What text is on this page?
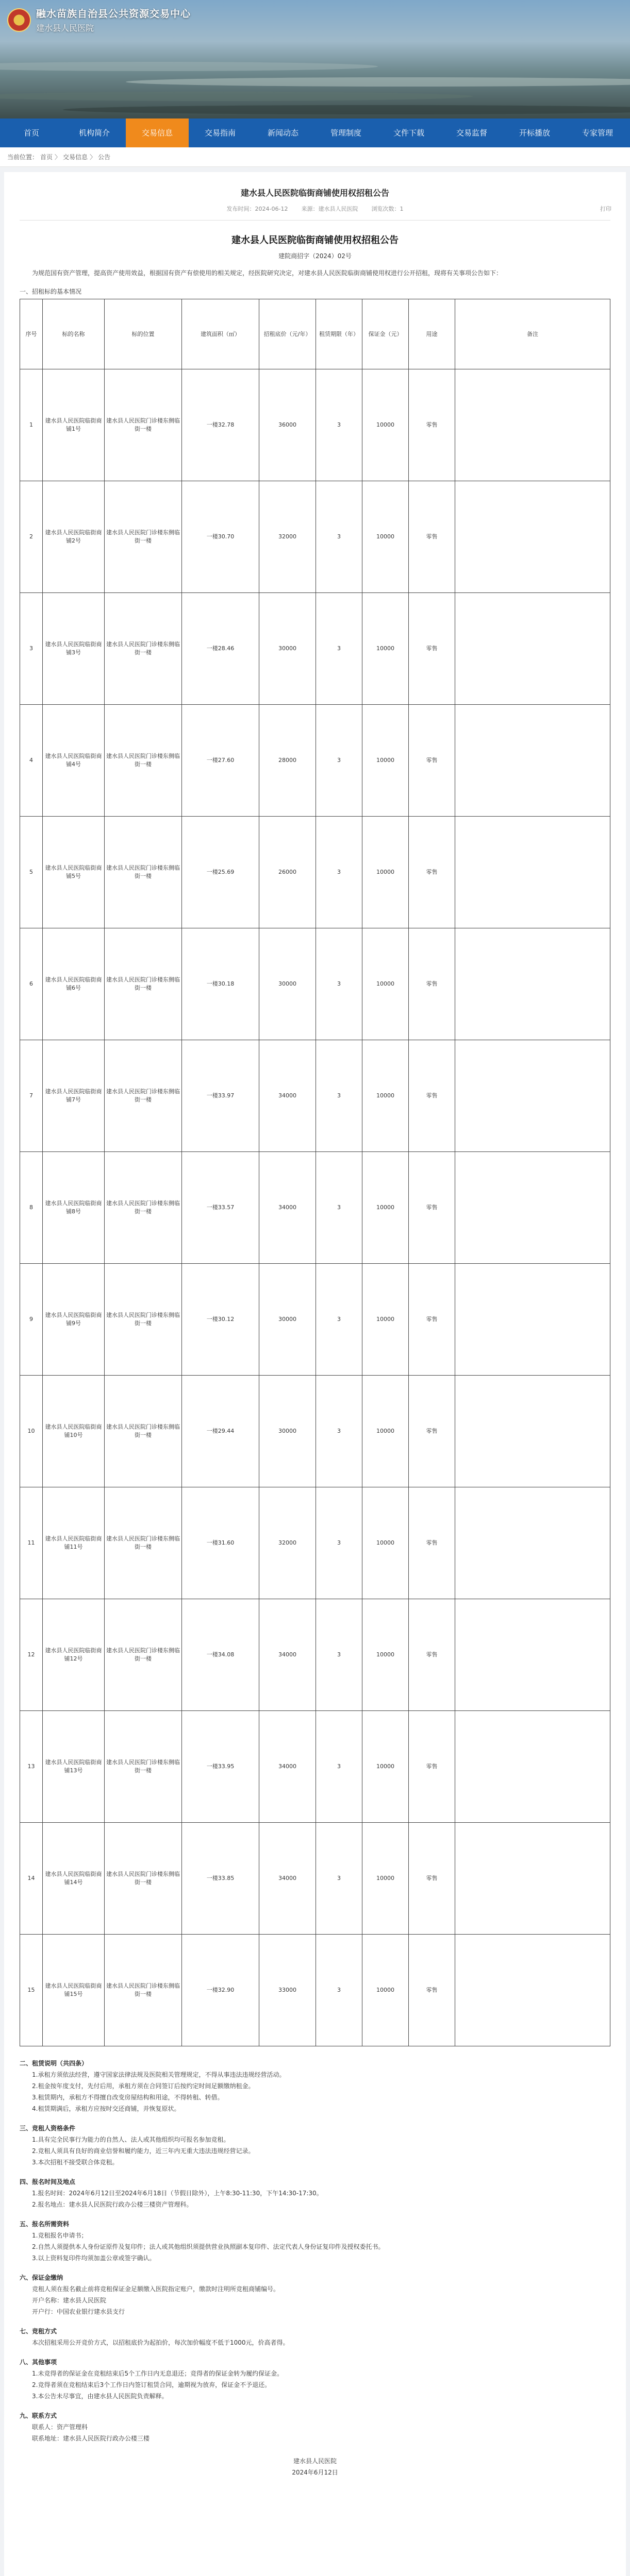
融水苗族自治县公共资源交易中心
建水县人民医院
首页	机构简介	交易信息	交易指南	新闻动态	管理制度	文件下载	交易监督	开标播放	专家管理
当前位置： 首页 〉 交易信息 〉 公告
建水县人民医院临街商铺使用权招租公告
发布时间：2024-06-12 来源：建水县人民医院 浏览次数：1	打印
建水县人民医院临街商铺使用权招租公告
建院商招字（2024）02号
为规范国有资产管理，提高资产使用效益，根据国有资产有偿使用的相关规定，经医院研究决定，对建水县人民医院临街商铺使用权进行公开招租，现将有关事项公告如下：
一、招租标的基本情况
序号	标的名称	标的位置	建筑面积（㎡）	招租底价（元/年）	租赁期限（年）	保证金（元）	用途	备注
1	建水县人民医院临街商铺1号	建水县人民医院门诊楼东侧临街一楼	一楼32.78	36000	3	10000	零售	
2	建水县人民医院临街商铺2号	建水县人民医院门诊楼东侧临街一楼	一楼30.70	32000	3	10000	零售	
3	建水县人民医院临街商铺3号	建水县人民医院门诊楼东侧临街一楼	一楼28.46	30000	3	10000	零售	
4	建水县人民医院临街商铺4号	建水县人民医院门诊楼东侧临街一楼	一楼27.60	28000	3	10000	零售	
5	建水县人民医院临街商铺5号	建水县人民医院门诊楼东侧临街一楼	一楼25.69	26000	3	10000	零售	
6	建水县人民医院临街商铺6号	建水县人民医院门诊楼东侧临街一楼	一楼30.18	30000	3	10000	零售	
7	建水县人民医院临街商铺7号	建水县人民医院门诊楼东侧临街一楼	一楼33.97	34000	3	10000	零售	
8	建水县人民医院临街商铺8号	建水县人民医院门诊楼东侧临街一楼	一楼33.57	34000	3	10000	零售	
9	建水县人民医院临街商铺9号	建水县人民医院门诊楼东侧临街一楼	一楼30.12	30000	3	10000	零售	
10	建水县人民医院临街商铺10号	建水县人民医院门诊楼东侧临街一楼	一楼29.44	30000	3	10000	零售	
11	建水县人民医院临街商铺11号	建水县人民医院门诊楼东侧临街一楼	一楼31.60	32000	3	10000	零售	
12	建水县人民医院临街商铺12号	建水县人民医院门诊楼东侧临街一楼	一楼34.08	34000	3	10000	零售	
13	建水县人民医院临街商铺13号	建水县人民医院门诊楼东侧临街一楼	一楼33.95	34000	3	10000	零售	
14	建水县人民医院临街商铺14号	建水县人民医院门诊楼东侧临街一楼	一楼33.85	34000	3	10000	零售	
15	建水县人民医院临街商铺15号	建水县人民医院门诊楼东侧临街一楼	一楼32.90	33000	3	10000	零售	
二、租赁说明（共四条）
1.承租方须依法经营，遵守国家法律法规及医院相关管理规定，不得从事违法违规经营活动。
2.租金按年度支付，先付后用，承租方须在合同签订后按约定时间足额缴纳租金。
3.租赁期内，承租方不得擅自改变房屋结构和用途，不得转租、转借。
4.租赁期满后，承租方应按时交还商铺，并恢复原状。
三、竞租人资格条件
1.具有完全民事行为能力的自然人、法人或其他组织均可报名参加竞租。
2.竞租人须具有良好的商业信誉和履约能力，近三年内无重大违法违规经营记录。
3.本次招租不接受联合体竞租。
四、报名时间及地点
1.报名时间：2024年6月12日至2024年6月18日（节假日除外），上午8:30-11:30，下午14:30-17:30。
2.报名地点：建水县人民医院行政办公楼三楼资产管理科。
五、报名所需资料
1.竞租报名申请书；
2.自然人须提供本人身份证原件及复印件；法人或其他组织须提供营业执照副本复印件、法定代表人身份证复印件及授权委托书。
3.以上资料复印件均须加盖公章或签字确认。
六、保证金缴纳
竞租人须在报名截止前将竞租保证金足额缴入医院指定账户，缴款时注明所竞租商铺编号。
开户名称：建水县人民医院
开户行：中国农业银行建水县支行
七、竞租方式
本次招租采用公开竞价方式，以招租底价为起拍价，每次加价幅度不低于1000元，价高者得。
八、其他事项
1.未竞得者的保证金在竞租结束后5个工作日内无息退还；竞得者的保证金转为履约保证金。
2.竞得者须在竞租结束后3个工作日内签订租赁合同，逾期视为放弃，保证金不予退还。
3.本公告未尽事宜，由建水县人民医院负责解释。
九、联系方式
联系人：资产管理科
联系地址：建水县人民医院行政办公楼三楼
建水县人民医院
2024年6月12日
